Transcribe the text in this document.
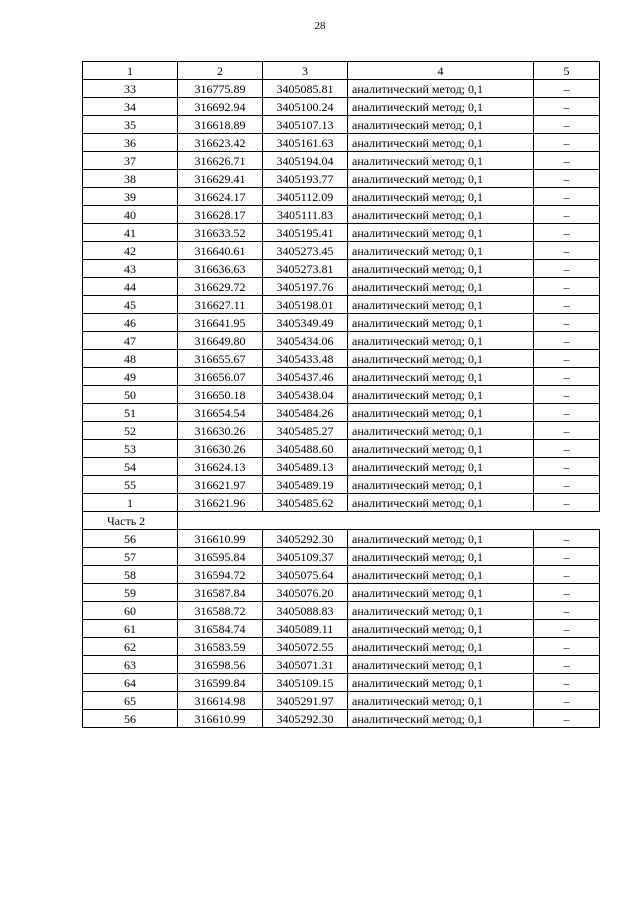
28
1	2	3	4	5
33	316775.89	3405085.81	аналитический метод; 0,1	–
34	316692.94	3405100.24	аналитический метод; 0,1	–
35	316618.89	3405107.13	аналитический метод; 0,1	–
36	316623.42	3405161.63	аналитический метод; 0,1	–
37	316626.71	3405194.04	аналитический метод; 0,1	–
38	316629.41	3405193.77	аналитический метод; 0,1	–
39	316624.17	3405112.09	аналитический метод; 0,1	–
40	316628.17	3405111.83	аналитический метод; 0,1	–
41	316633.52	3405195.41	аналитический метод; 0,1	–
42	316640.61	3405273.45	аналитический метод; 0,1	–
43	316636.63	3405273.81	аналитический метод; 0,1	–
44	316629.72	3405197.76	аналитический метод; 0,1	–
45	316627.11	3405198.01	аналитический метод; 0,1	–
46	316641.95	3405349.49	аналитический метод; 0,1	–
47	316649.80	3405434.06	аналитический метод; 0,1	–
48	316655.67	3405433.48	аналитический метод; 0,1	–
49	316656.07	3405437.46	аналитический метод; 0,1	–
50	316650.18	3405438.04	аналитический метод; 0,1	–
51	316654.54	3405484.26	аналитический метод; 0,1	–
52	316630.26	3405485.27	аналитический метод; 0,1	–
53	316630.26	3405488.60	аналитический метод; 0,1	–
54	316624.13	3405489.13	аналитический метод; 0,1	–
55	316621.97	3405489.19	аналитический метод; 0,1	–
1	316621.96	3405485.62	аналитический метод; 0,1	–
Часть 2				
56	316610.99	3405292.30	аналитический метод; 0,1	–
57	316595.84	3405109.37	аналитический метод; 0,1	–
58	316594.72	3405075.64	аналитический метод; 0,1	–
59	316587.84	3405076.20	аналитический метод; 0,1	–
60	316588.72	3405088.83	аналитический метод; 0,1	–
61	316584.74	3405089.11	аналитический метод; 0,1	–
62	316583.59	3405072.55	аналитический метод; 0,1	–
63	316598.56	3405071.31	аналитический метод; 0,1	–
64	316599.84	3405109.15	аналитический метод; 0,1	–
65	316614.98	3405291.97	аналитический метод; 0,1	–
56	316610.99	3405292.30	аналитический метод; 0,1	–
